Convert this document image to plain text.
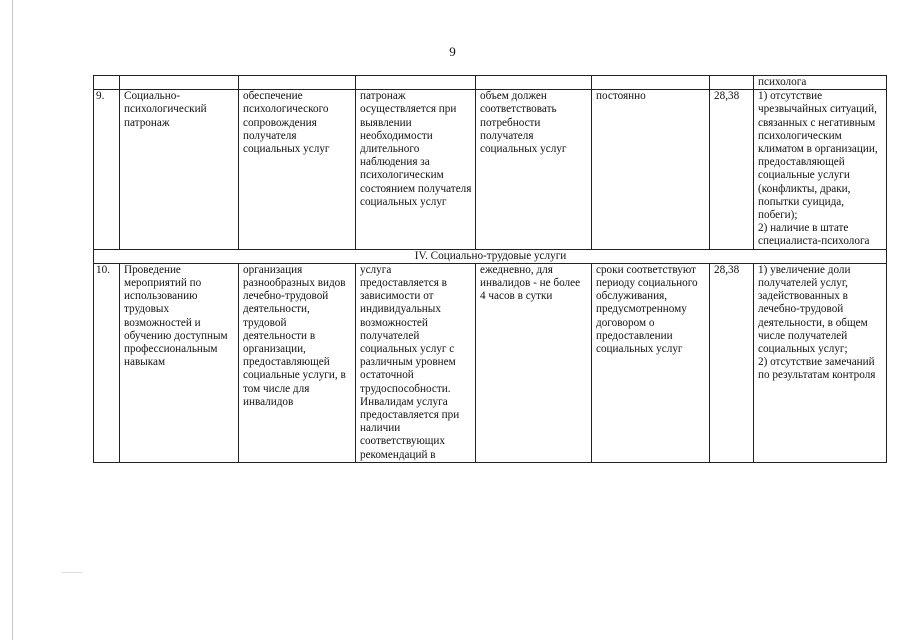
9
							психолога
9.	Социально-психологический патронаж	обеспечение психологического сопровождения получателя социальных услуг	патронаж осуществляется при выявлении необходимости длительного наблюдения за психологическим состоянием получателя социальных услуг	объем должен соответствовать потребности получателя социальных услуг	постоянно	28,38	1) отсутствие чрезвычайных ситуаций, связанных с негативным психологическим климатом в организации, предоставляющей социальные услуги (конфликты, драки, попытки суицида, побеги);
2) наличие в штате специалиста-психолога
IV. Социально-трудовые услуги							
10.	Проведение мероприятий по использованию трудовых возможностей и обучению доступным профессиональным навыкам	организация разнообразных видов лечебно-трудовой деятельности, трудовой деятельности в организации, предоставляющей социальные услуги, в том числе для инвалидов	услуга предоставляется в зависимости от индивидуальных возможностей получателей социальных услуг с различным уровнем остаточной трудоспособности. Инвалидам услуга предоставляется при наличии соответствующих рекомендаций в	ежедневно, для инвалидов - не более 4 часов в сутки	сроки соответствуют периоду социального обслуживания, предусмотренному договором о предоставлении социальных услуг	28,38	1) увеличение доли получателей услуг, задействованных в лечебно-трудовой деятельности, в общем числе получателей социальных услуг;
2) отсутствие замечаний по результатам контроля
